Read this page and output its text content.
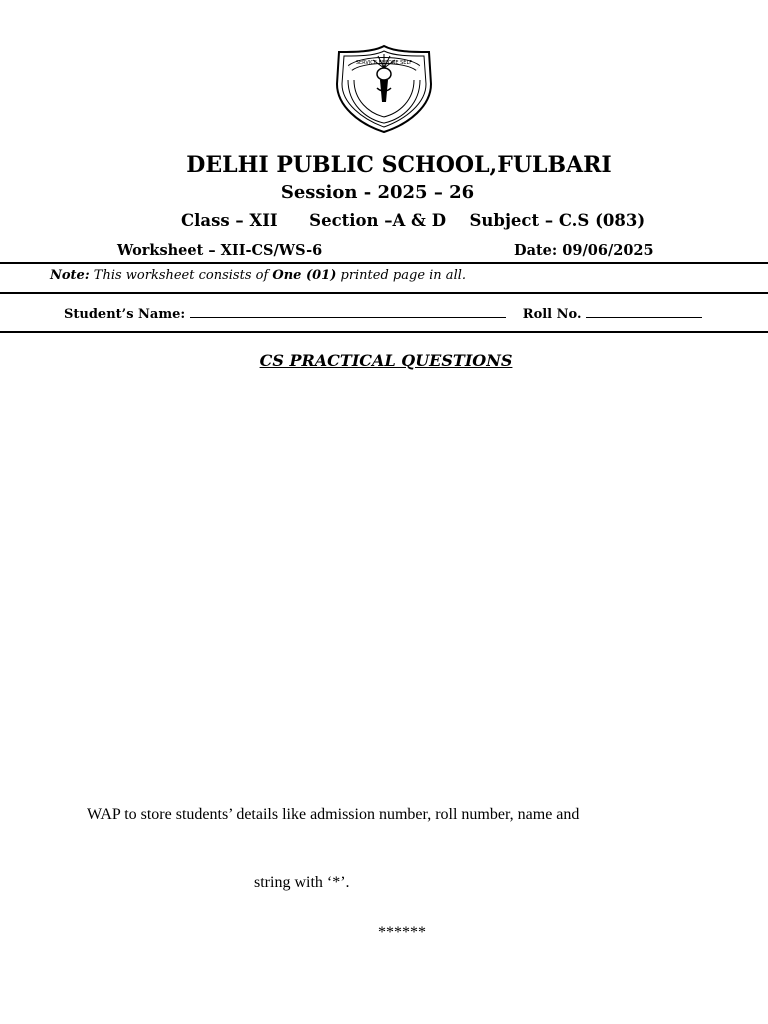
SERVICE BEFORE SELF
DELHI PUBLIC SCHOOL,FULBARI
Session - 2025 – 26
Class – XII Section –A & D Subject – C.S (083)
Worksheet – XII-CS/WS-6	Date: 09/06/2025
Note: This worksheet consists of One (01) printed page in all.
Student’s Name:	Roll No.
CS PRACTICAL QUESTIONS
WAP to store students’ details like admission number, roll number, name and
string with ‘*’.
******
